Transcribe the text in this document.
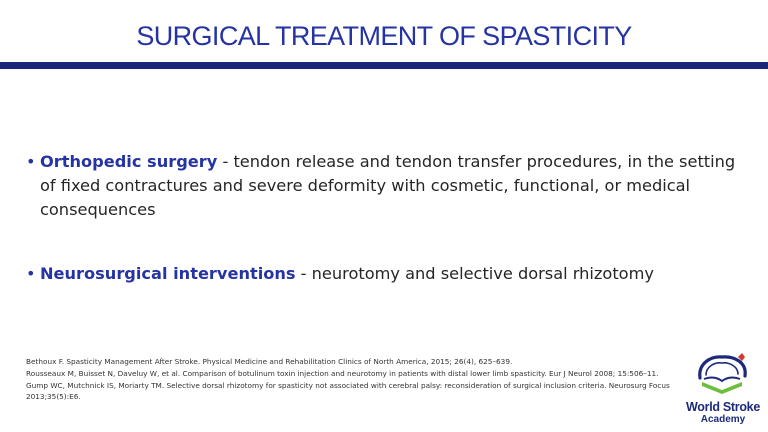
SURGICAL TREATMENT OF SPASTICITY
• Orthopedic surgery - tendon release and tendon transfer procedures, in the setting of fixed contractures and severe deformity with cosmetic, functional, or medical consequences
• Neurosurgical interventions - neurotomy and selective dorsal rhizotomy
Bethoux F. Spasticity Management After Stroke. Physical Medicine and Rehabilitation Clinics of North America, 2015; 26(4), 625–639.
Rousseaux M, Buisset N, Daveluy W, et al. Comparison of botulinum toxin injection and neurotomy in patients with distal lower limb spasticity. Eur J Neurol 2008; 15:506–11.
Gump WC, Mutchnick IS, Moriarty TM. Selective dorsal rhizotomy for spasticity not associated with cerebral palsy: reconsideration of surgical inclusion criteria. Neurosurg Focus 2013;35(5):E6.
World Stroke
Academy
